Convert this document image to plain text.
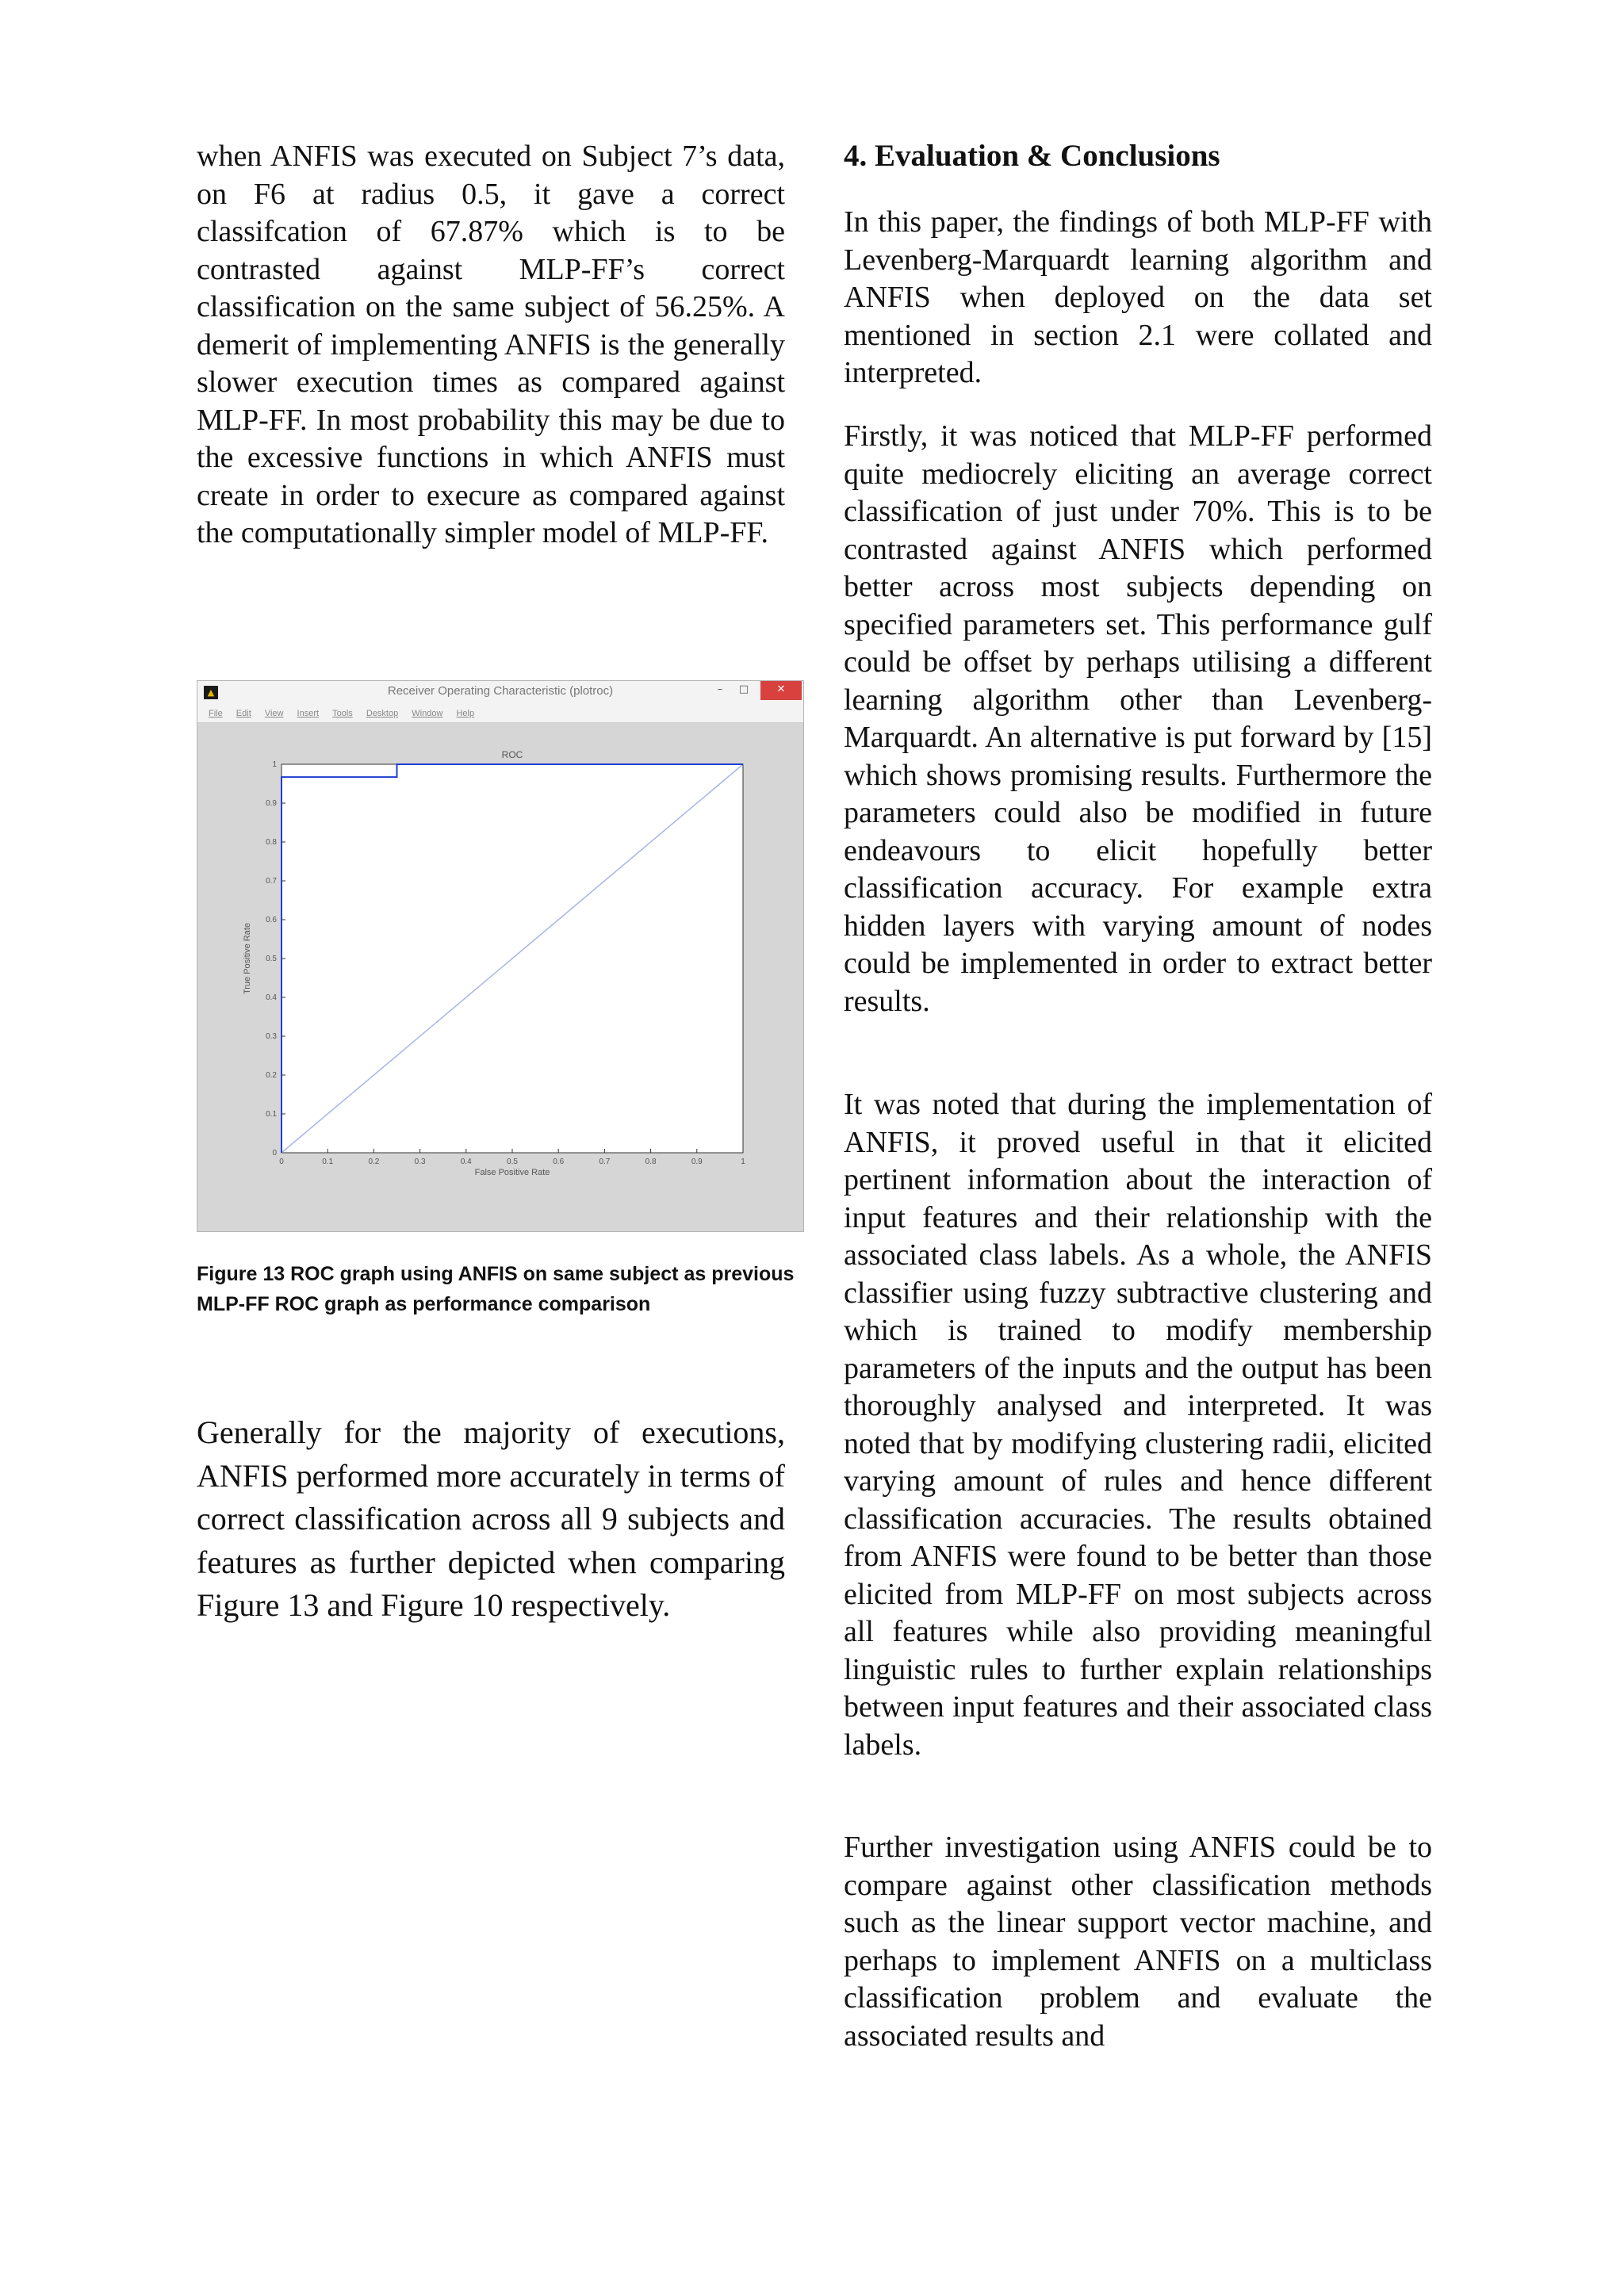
when ANFIS was executed on Subject 7’s data, on F6 at radius 0.5, it gave a correct classifcation of 67.87% which is to be contrasted against MLP-FF’s correct classification on the same subject of 56.25%. A demerit of implementing ANFIS is the generally slower execution times as compared against MLP-FF. In most probability this may be due to the excessive functions in which ANFIS must create in order to execure as compared against the computationally simpler model of MLP-FF.

▲	Receiver Operating Characteristic (plotroc)	–	□	✕
File Edit View Insert Tools Desktop Window Help
ROC
0	0.1	0.2	0.3	0.4	0.5	0.6	0.7	0.8	0.9	1
0
0.1
0.2
0.3
0.4
0.5
0.6
0.7
0.8
0.9
1
False Positive Rate
True Positive Rate
Figure 13 ROC graph using ANFIS on same subject as previous MLP-FF ROC graph as performance comparison

Generally for the majority of executions, ANFIS performed more accurately in terms of correct classification across all 9 subjects and features as further depicted when comparing Figure 13 and Figure 10 respectively.

4. Evaluation & Conclusions

In this paper, the findings of both MLP-FF with Levenberg-Marquardt learning algorithm and ANFIS when deployed on the data set mentioned in section 2.1 were collated and interpreted.

Firstly, it was noticed that MLP-FF performed quite mediocrely eliciting an average correct classification of just under 70%. This is to be contrasted against ANFIS which performed better across most subjects depending on specified parameters set. This performance gulf could be offset by perhaps utilising a different learning algorithm other than Levenberg-Marquardt. An alternative is put forward by [15] which shows promising results. Furthermore the parameters could also be modified in future endeavours to elicit hopefully better classification accuracy. For example extra hidden layers with varying amount of nodes could be implemented in order to extract better results.

It was noted that during the implementation of ANFIS, it proved useful in that it elicited pertinent information about the interaction of input features and their relationship with the associated class labels. As a whole, the ANFIS classifier using fuzzy subtractive clustering and which is trained to modify membership parameters of the inputs and the output has been thoroughly analysed and interpreted. It was noted that by modifying clustering radii, elicited varying amount of rules and hence different classification accuracies. The results obtained from ANFIS were found to be better than those elicited from MLP-FF on most subjects across all features while also providing meaningful linguistic rules to further explain relationships between input features and their associated class labels.

Further investigation using ANFIS could be to compare against other classification methods such as the linear support vector machine, and perhaps to implement ANFIS on a multiclass classification problem and evaluate the associated results and
